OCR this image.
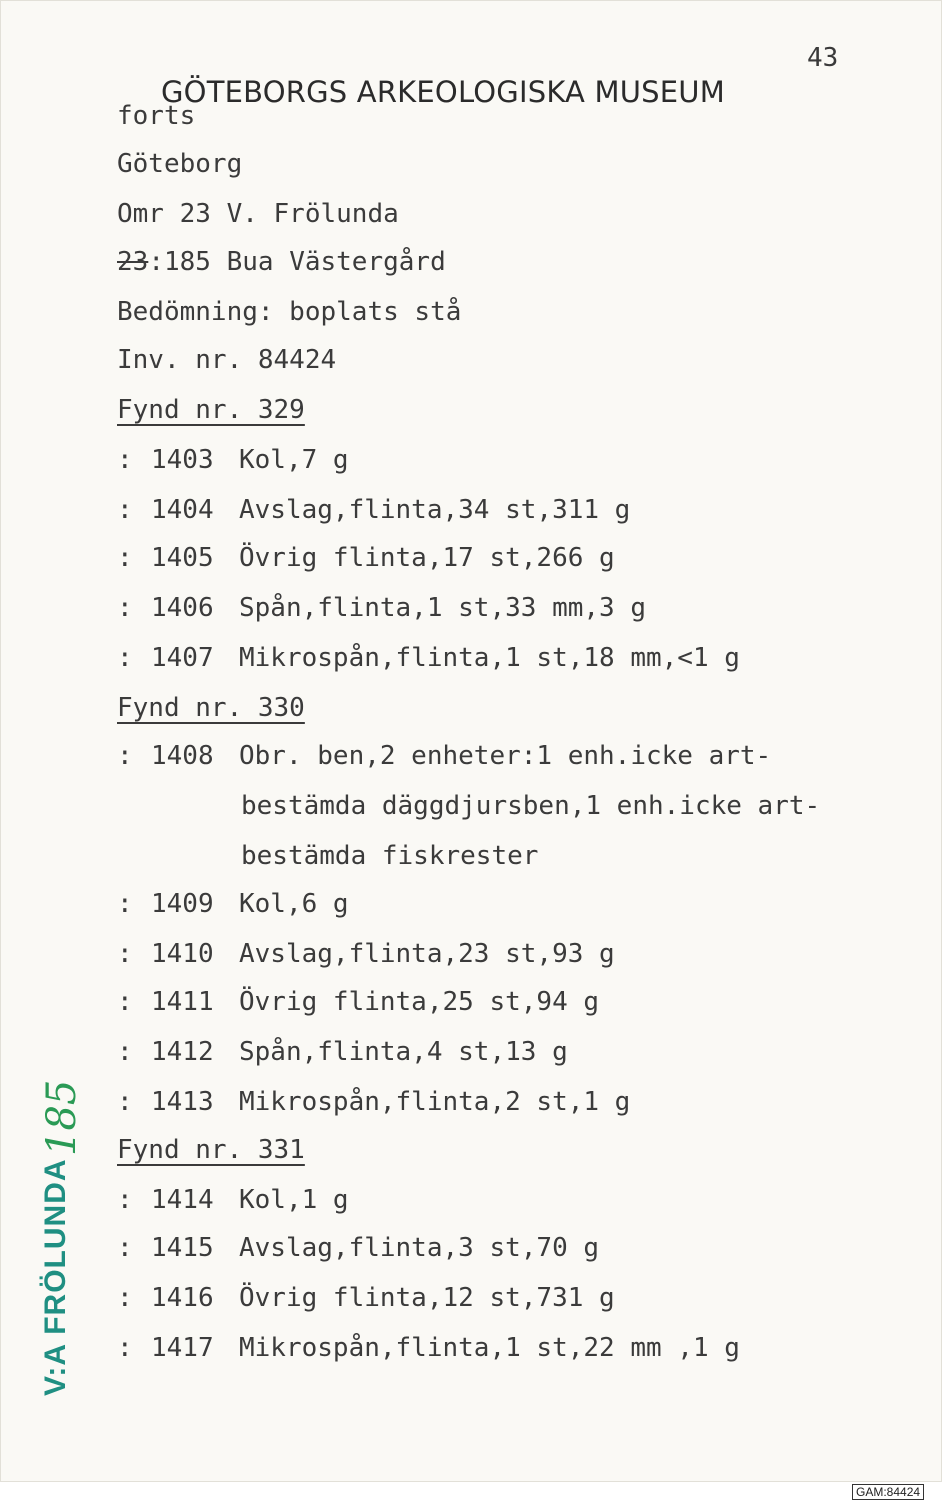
43
GÖTEBORGS ARKEOLOGISKA MUSEUM
forts
Göteborg
Omr 23 V. Frölunda
23:185 Bua Västergård
Bedömning: boplats stå
Inv. nr. 84424
Fynd nr. 329
: 1403 Kol,7 g
: 1404 Avslag,flinta,34 st,311 g
: 1405 Övrig flinta,17 st,266 g
: 1406 Spån,flinta,1 st,33 mm,3 g
: 1407 Mikrospån,flinta,1 st,18 mm,<1 g
Fynd nr. 330
: 1408 Obr. ben,2 enheter:1 enh.icke art-
bestämda däggdjursben,1 enh.icke art-
bestämda fiskrester
: 1409 Kol,6 g
: 1410 Avslag,flinta,23 st,93 g
: 1411 Övrig flinta,25 st,94 g
: 1412 Spån,flinta,4 st,13 g
: 1413 Mikrospån,flinta,2 st,1 g
Fynd nr. 331
: 1414 Kol,1 g
: 1415 Avslag,flinta,3 st,70 g
: 1416 Övrig flinta,12 st,731 g
: 1417 Mikrospån,flinta,1 st,22 mm ,1 g
V:A FRÖLUNDA
185
GAM:84424
